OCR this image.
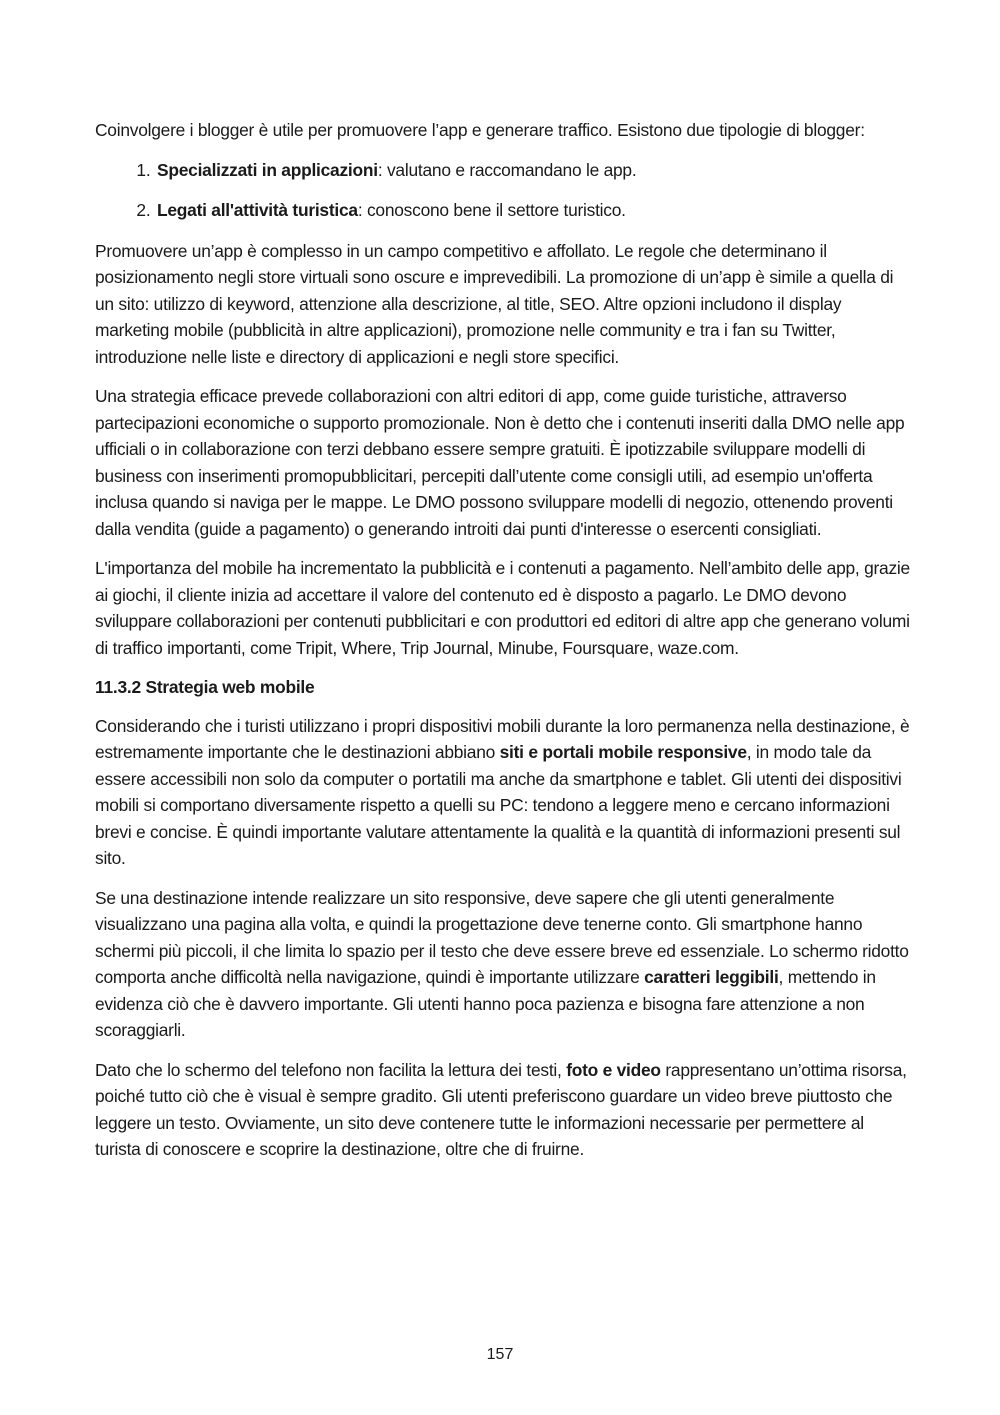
Coinvolgere i blogger è utile per promuovere l’app e generare traffico. Esistono due tipologie di blogger:

1. Specializzati in applicazioni: valutano e raccomandano le app.
2. Legati all'attività turistica: conoscono bene il settore turistico.

Promuovere un’app è complesso in un campo competitivo e affollato. Le regole che determinano il posizionamento negli store virtuali sono oscure e imprevedibili. La promozione di un’app è simile a quella di un sito: utilizzo di keyword, attenzione alla descrizione, al title, SEO. Altre opzioni includono il display marketing mobile (pubblicità in altre applicazioni), promozione nelle community e tra i fan su Twitter, introduzione nelle liste e directory di applicazioni e negli store specifici.

Una strategia efficace prevede collaborazioni con altri editori di app, come guide turistiche, attraverso partecipazioni economiche o supporto promozionale. Non è detto che i contenuti inseriti dalla DMO nelle app ufficiali o in collaborazione con terzi debbano essere sempre gratuiti. È ipotizzabile sviluppare modelli di business con inserimenti promopubblicitari, percepiti dall’utente come consigli utili, ad esempio un'offerta inclusa quando si naviga per le mappe. Le DMO possono sviluppare modelli di negozio, ottenendo proventi dalla vendita (guide a pagamento) o generando introiti dai punti d'interesse o esercenti consigliati.

L'importanza del mobile ha incrementato la pubblicità e i contenuti a pagamento. Nell’ambito delle app, grazie ai giochi, il cliente inizia ad accettare il valore del contenuto ed è disposto a pagarlo. Le DMO devono sviluppare collaborazioni per contenuti pubblicitari e con produttori ed editori di altre app che generano volumi di traffico importanti, come Tripit, Where, Trip Journal, Minube, Foursquare, waze.com.

11.3.2 Strategia web mobile

Considerando che i turisti utilizzano i propri dispositivi mobili durante la loro permanenza nella destinazione, è estremamente importante che le destinazioni abbiano siti e portali mobile responsive, in modo tale da essere accessibili non solo da computer o portatili ma anche da smartphone e tablet. Gli utenti dei dispositivi mobili si comportano diversamente rispetto a quelli su PC: tendono a leggere meno e cercano informazioni brevi e concise. È quindi importante valutare attentamente la qualità e la quantità di informazioni presenti sul sito.

Se una destinazione intende realizzare un sito responsive, deve sapere che gli utenti generalmente visualizzano una pagina alla volta, e quindi la progettazione deve tenerne conto. Gli smartphone hanno schermi più piccoli, il che limita lo spazio per il testo che deve essere breve ed essenziale. Lo schermo ridotto comporta anche difficoltà nella navigazione, quindi è importante utilizzare caratteri leggibili, mettendo in evidenza ciò che è davvero importante. Gli utenti hanno poca pazienza e bisogna fare attenzione a non scoraggiarli.

Dato che lo schermo del telefono non facilita la lettura dei testi, foto e video rappresentano un’ottima risorsa, poiché tutto ciò che è visual è sempre gradito. Gli utenti preferiscono guardare un video breve piuttosto che leggere un testo. Ovviamente, un sito deve contenere tutte le informazioni necessarie per permettere al turista di conoscere e scoprire la destinazione, oltre che di fruirne.

157
